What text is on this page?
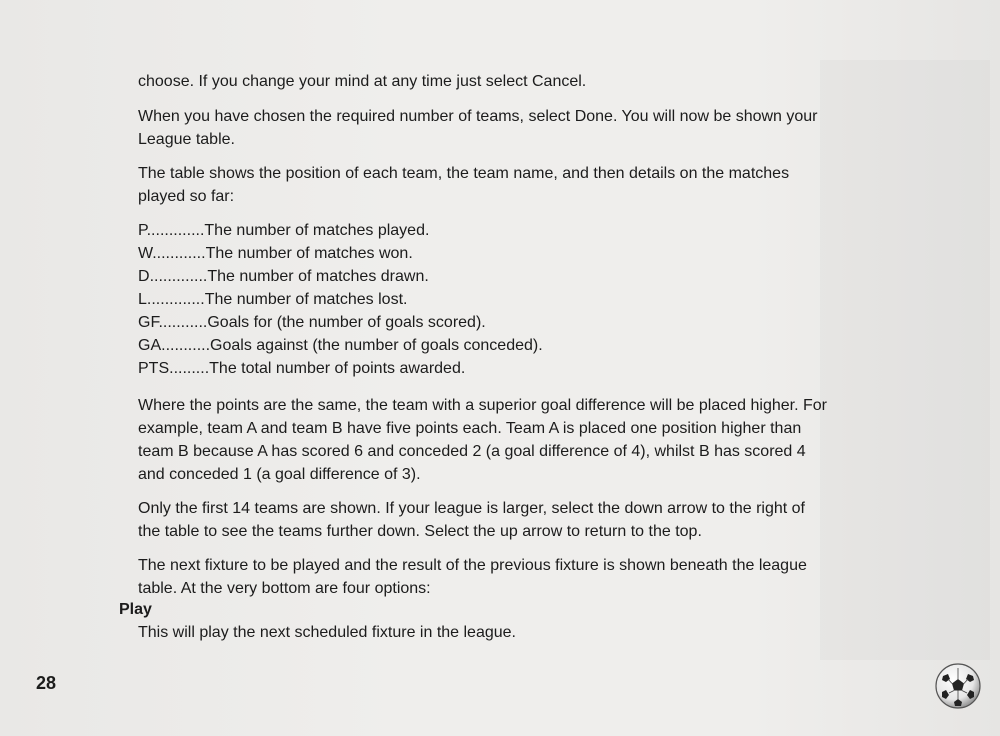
choose. If you change your mind at any time just select Cancel.

When you have chosen the required number of teams, select Done. You will now be shown your League table.

The table shows the position of each team, the team name, and then details on the matches played so far:

P.............The number of matches played.
W............The number of matches won.
D.............The number of matches drawn.
L.............The number of matches lost.
GF...........Goals for (the number of goals scored).
GA...........Goals against (the number of goals conceded).
PTS.........The total number of points awarded.

Where the points are the same, the team with a superior goal difference will be placed higher. For example, team A and team B have five points each. Team A is placed one position higher than team B because A has scored 6 and conceded 2 (a goal difference of 4), whilst B has scored 4 and conceded 1 (a goal difference of 3).

Only the first 14 teams are shown. If your league is larger, select the down arrow to the right of the table to see the teams further down. Select the up arrow to return to the top.

The next fixture to be played and the result of the previous fixture is shown beneath the league table. At the very bottom are four options:

Play
This will play the next scheduled fixture in the league.
28
